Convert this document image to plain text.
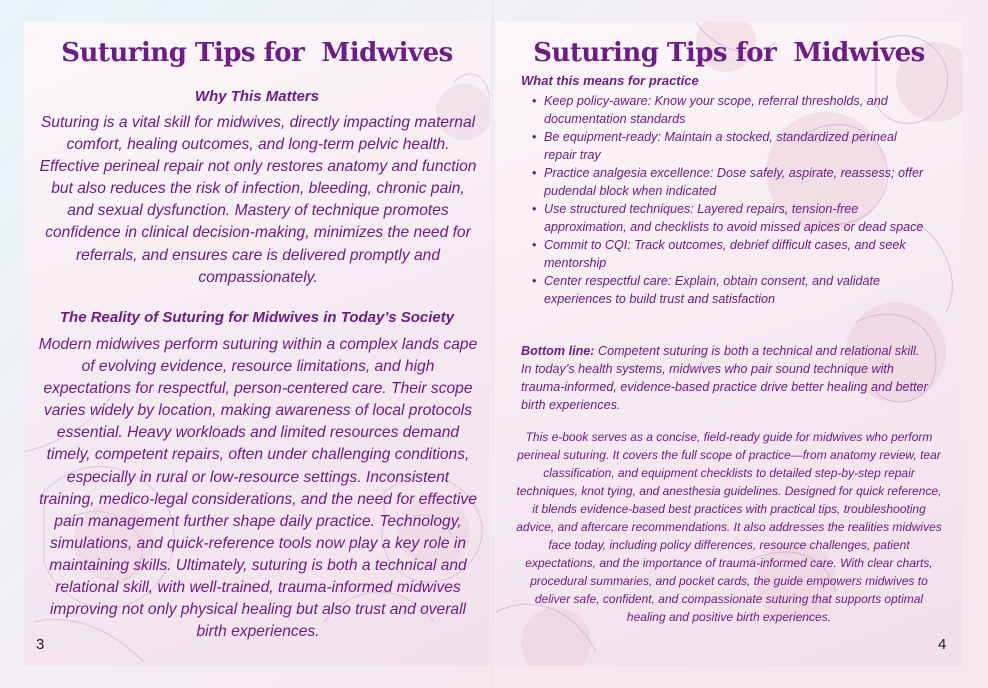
Suturing Tips for  Midwives
Why This Matters
Suturing is a vital skill for midwives, directly impacting maternal comfort, healing outcomes, and long-term pelvic health. Effective perineal repair not only restores anatomy and function but also reduces the risk of infection, bleeding, chronic pain, and sexual dysfunction. Mastery of technique promotes confidence in clinical decision-making, minimizes the need for referrals, and ensures care is delivered promptly and compassionately.
The Reality of Suturing for Midwives in Today’s Society
Modern midwives perform suturing within a complex lands cape of evolving evidence, resource limitations, and high expectations for respectful, person-centered care. Their scope varies widely by location, making awareness of local protocols essential. Heavy workloads and limited resources demand timely, competent repairs, often under challenging conditions, especially in rural or low-resource settings. Inconsistent training, medico-legal considerations, and the need for effective pain management further shape daily practice. Technology, simulations, and quick-reference tools now play a key role in maintaining skills. Ultimately, suturing is both a technical and relational skill, with well-trained, trauma-informed midwives improving not only physical healing but also trust and overall birth experiences.
3
Suturing Tips for  Midwives
What this means for practice
• Keep policy-aware: Know your scope, referral thresholds, and documentation standards
• Be equipment-ready: Maintain a stocked, standardized perineal repair tray
• Practice analgesia excellence: Dose safely, aspirate, reassess; offer pudendal block when indicated
• Use structured techniques: Layered repairs, tension-free approximation, and checklists to avoid missed apices or dead space
• Commit to CQI: Track outcomes, debrief difficult cases, and seek mentorship
• Center respectful care: Explain, obtain consent, and validate experiences to build trust and satisfaction
Bottom line: Competent suturing is both a technical and relational skill. In today’s health systems, midwives who pair sound technique with trauma-informed, evidence-based practice drive better healing and better birth experiences.
This e-book serves as a concise, field-ready guide for midwives who perform perineal suturing. It covers the full scope of practice—from anatomy review, tear classification, and equipment checklists to detailed step-by-step repair techniques, knot tying, and anesthesia guidelines. Designed for quick reference, it blends evidence-based best practices with practical tips, troubleshooting advice, and aftercare recommendations. It also addresses the realities midwives face today, including policy differences, resource challenges, patient expectations, and the importance of trauma-informed care. With clear charts, procedural summaries, and pocket cards, the guide empowers midwives to deliver safe, confident, and compassionate suturing that supports optimal healing and positive birth experiences.
4
